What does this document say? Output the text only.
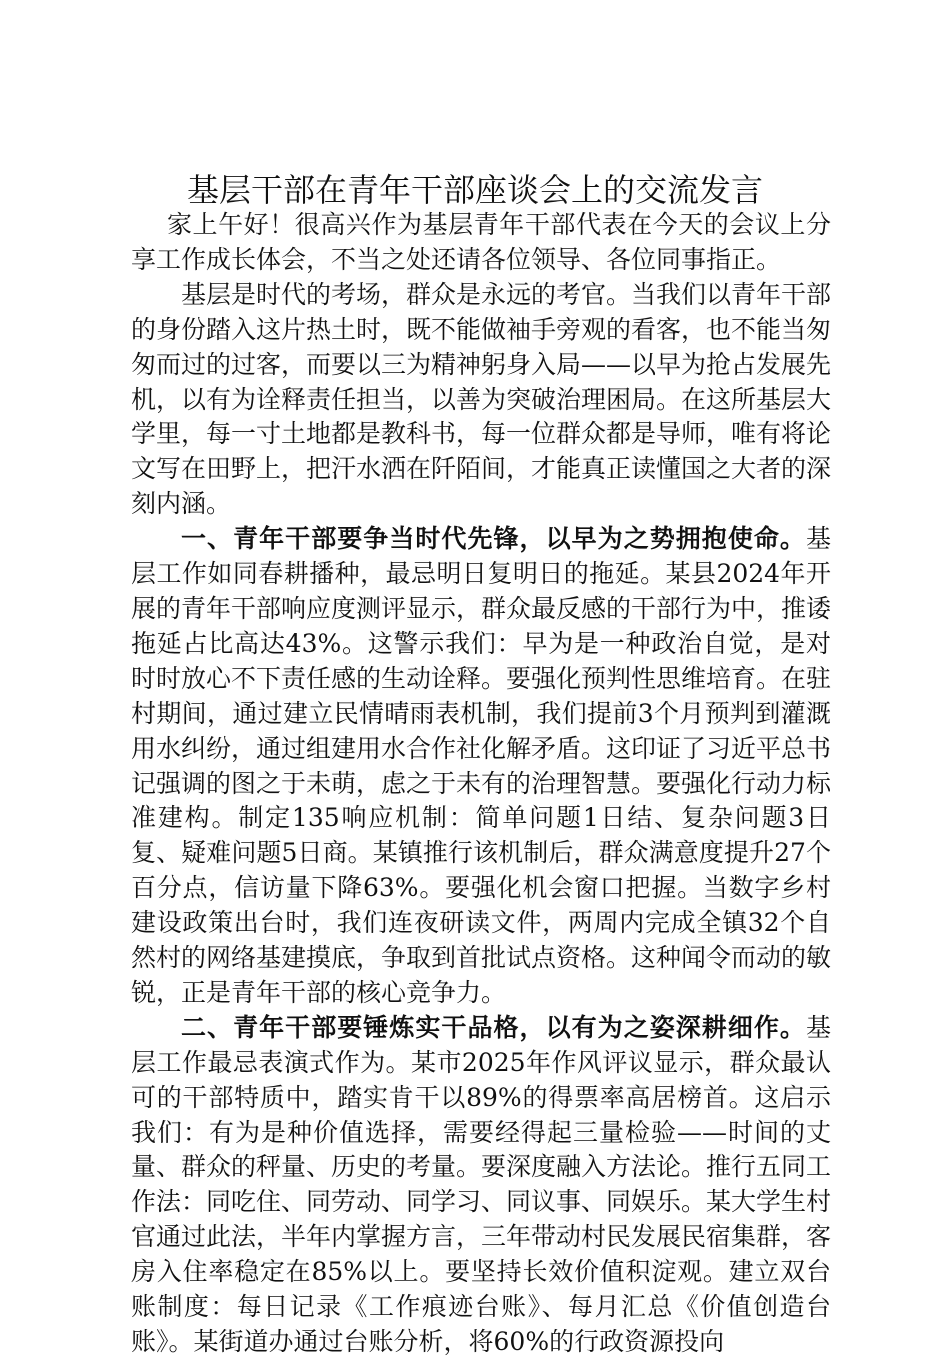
基层干部在青年干部座谈会上的交流发言

家上午好！很高兴作为基层青年干部代表在今天的会议上分享工作成长体会，不当之处还请各位领导、各位同事指正。

基层是时代的考场，群众是永远的考官。当我们以青年干部的身份踏入这片热土时，既不能做袖手旁观的看客，也不能当匆匆而过的过客，而要以三为精神躬身入局——以早为抢占发展先机，以有为诠释责任担当，以善为突破治理困局。在这所基层大学里，每一寸土地都是教科书，每一位群众都是导师，唯有将论文写在田野上，把汗水洒在阡陌间，才能真正读懂国之大者的深刻内涵。

一、青年干部要争当时代先锋，以早为之势拥抱使命。基层工作如同春耕播种，最忌明日复明日的拖延。某县2024年开展的青年干部响应度测评显示，群众最反感的干部行为中，推诿拖延占比高达43%。这警示我们：早为是一种政治自觉，是对时时放心不下责任感的生动诠释。要强化预判性思维培育。在驻村期间，通过建立民情晴雨表机制，我们提前3个月预判到灌溉用水纠纷，通过组建用水合作社化解矛盾。这印证了习近平总书记强调的图之于未萌，虑之于未有的治理智慧。要强化行动力标准建构。制定135响应机制：简单问题1日结、复杂问题3日复、疑难问题5日商。某镇推行该机制后，群众满意度提升27个百分点，信访量下降63%。要强化机会窗口把握。当数字乡村建设政策出台时，我们连夜研读文件，两周内完成全镇32个自然村的网络基建摸底，争取到首批试点资格。这种闻令而动的敏锐，正是青年干部的核心竞争力。

二、青年干部要锤炼实干品格，以有为之姿深耕细作。基层工作最忌表演式作为。某市2025年作风评议显示，群众最认可的干部特质中，踏实肯干以89%的得票率高居榜首。这启示我们：有为是种价值选择，需要经得起三量检验——时间的丈量、群众的秤量、历史的考量。要深度融入方法论。推行五同工作法：同吃住、同劳动、同学习、同议事、同娱乐。某大学生村官通过此法，半年内掌握方言，三年带动村民发展民宿集群，客房入住率稳定在85%以上。要坚持长效价值积淀观。建立双台账制度：每日记录《工作痕迹台账》、每月汇总《价值创造台账》。某街道办通过台账分析，将60%的行政资源投向
